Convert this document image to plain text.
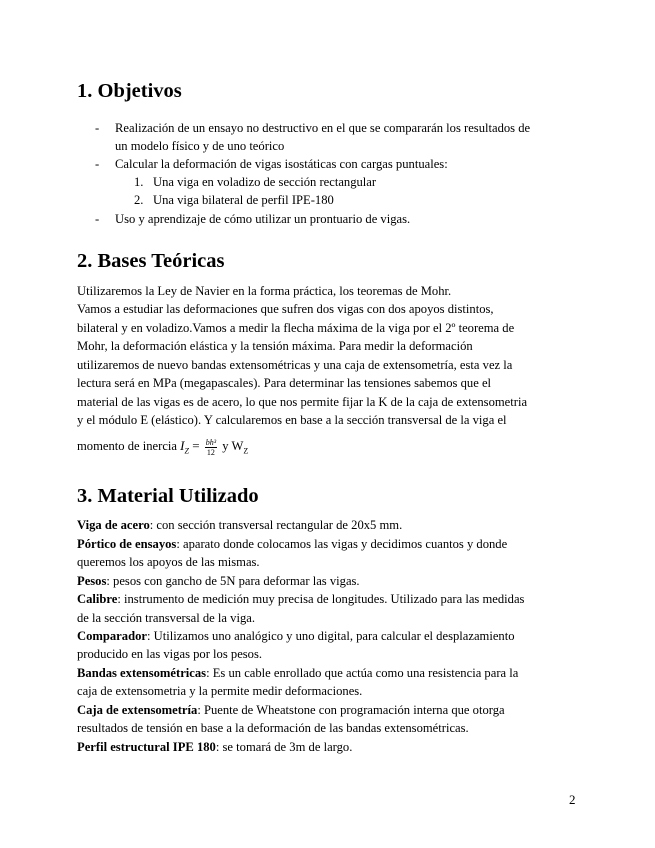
1. Objetivos
- Realización de un ensayo no destructivo en el que se compararán los resultados de
un modelo físico y de uno teórico
- Calcular la deformación de vigas isostáticas con cargas puntuales:
1. Una viga en voladizo de sección rectangular
2. Una viga bilateral de perfil IPE-180
- Uso y aprendizaje de cómo utilizar un prontuario de vigas.
2. Bases Teóricas

Utilizaremos la Ley de Navier en la forma práctica, los teoremas de Mohr.

Vamos a estudiar las deformaciones que sufren dos vigas con dos apoyos distintos,

bilateral y en voladizo.Vamos a medir la flecha máxima de la viga por el 2º teorema de

Mohr, la deformación elástica y la tensión máxima. Para medir la deformación

utilizaremos de nuevo bandas extensométricas y una caja de extensometría, esta vez la

lectura será en MPa (megapascales). Para determinar las tensiones sabemos que el

material de las vigas es de acero, lo que nos permite fijar la K de la caja de extensometria

y el módulo E (elástico). Y calcularemos en base a la sección transversal de la viga el

momento de inercia $I_Z = \frac{\text{bh³}}{12}$ y $W_Z$

3. Material Utilizado

Viga de acero: con sección transversal rectangular de 20x5 mm.

Pórtico de ensayos: aparato donde colocamos las vigas y decidimos cuantos y donde

queremos los apoyos de las mismas.

Pesos: pesos con gancho de 5N para deformar las vigas.

Calibre: instrumento de medición muy precisa de longitudes. Utilizado para las medidas

de la sección transversal de la viga.

Comparador: Utilizamos uno analógico y uno digital, para calcular el desplazamiento

producido en las vigas por los pesos.

Bandas extensométricas: Es un cable enrollado que actúa como una resistencia para la

caja de extensometria y la permite medir deformaciones.

Caja de extensometría: Puente de Wheatstone con programación interna que otorga

resultados de tensión en base a la deformación de las bandas extensométricas.

Perfil estructural IPE 180: se tomará de 3m de largo.

2
